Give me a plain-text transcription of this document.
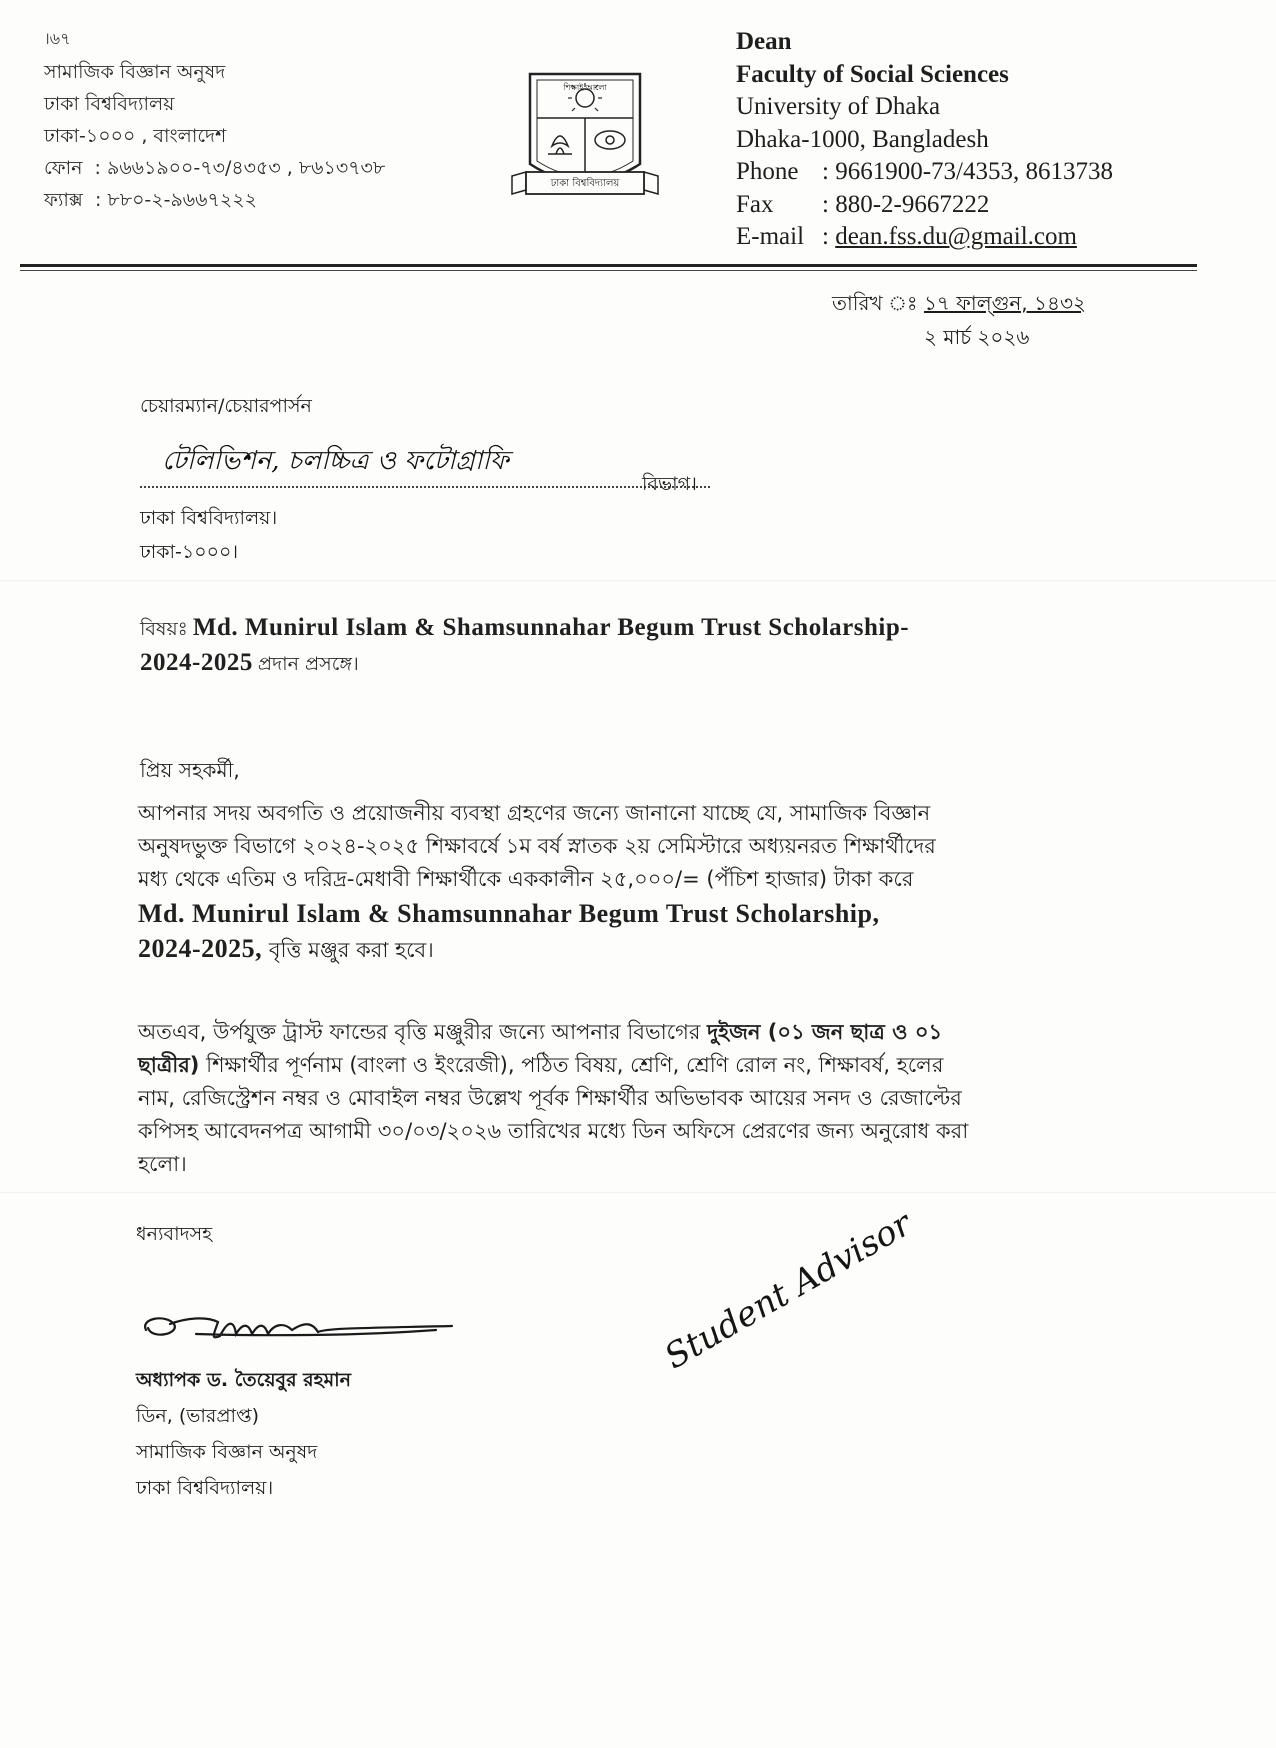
।৬৭
সামাজিক বিজ্ঞান অনুষদ
ঢাকা বিশ্ববিদ্যালয়
ঢাকা-১০০০ , বাংলাদেশ
ফোন  : ৯৬৬১৯০০-৭৩/৪৩৫৩ , ৮৬১৩৭৩৮
ফ্যাক্স  : ৮৮০-২-৯৬৬৭২২২
শিক্ষাই আলো
ঢাকা বিশ্ববিদ্যালয়
Dean
Faculty of Social Sciences
University of Dhaka
Dhaka-1000, Bangladesh
Phone : 9661900-73/4353, 8613738
Fax : 880-2-9667222
E-mail : dean.fss.du@gmail.com
তারিখ ঃ ১৭ ফাল্গুন, ১৪৩২
২ মার্চ ২০২৬
চেয়ারম্যান/চেয়ারপার্সন
টেলিভিশন, চলচ্চিত্র ও ফটোগ্রাফি
বিভাগ।
ঢাকা বিশ্ববিদ্যালয়।
ঢাকা-১০০০।
বিষয়ঃ Md. Munirul Islam & Shamsunnahar Begum Trust Scholarship-
2024-2025 প্রদান প্রসঙ্গে।
প্রিয় সহকর্মী,
আপনার সদয় অবগতি ও প্রয়োজনীয় ব্যবস্থা গ্রহণের জন্যে জানানো যাচ্ছে যে, সামাজিক বিজ্ঞান
অনুষদভুক্ত বিভাগে ২০২৪-২০২৫ শিক্ষাবর্ষে ১ম বর্ষ স্নাতক ২য় সেমিস্টারে অধ্যয়নরত শিক্ষার্থীদের
মধ্য থেকে এতিম ও দরিদ্র-মেধাবী শিক্ষার্থীকে এককালীন ২৫,০০০/= (পঁচিশ হাজার) টাকা করে
Md. Munirul Islam & Shamsunnahar Begum Trust Scholarship,
2024-2025, বৃত্তি মঞ্জুর করা হবে।
অতএব, উর্পযুক্ত ট্রাস্ট ফান্ডের বৃত্তি মঞ্জুরীর জন্যে আপনার বিভাগের দুইজন (০১ জন ছাত্র ও ০১
ছাত্রীর) শিক্ষার্থীর পূর্ণনাম (বাংলা ও ইংরেজী), পঠিত বিষয়, শ্রেণি, শ্রেণি রোল নং, শিক্ষাবর্ষ, হলের
নাম, রেজিস্ট্রেশন নম্বর ও মোবাইল নম্বর উল্লেখ পূর্বক শিক্ষার্থীর অভিভাবক আয়ের সনদ ও রেজাল্টের
কপিসহ আবেদনপত্র আগামী ৩০/০৩/২০২৬ তারিখের মধ্যে ডিন অফিসে প্রেরণের জন্য অনুরোধ করা
হলো।
ধন্যবাদসহ
অধ্যাপক ড. তৈয়েবুর রহমান
ডিন, (ভারপ্রাপ্ত)
সামাজিক বিজ্ঞান অনুষদ
ঢাকা বিশ্ববিদ্যালয়।
Student Advisor
